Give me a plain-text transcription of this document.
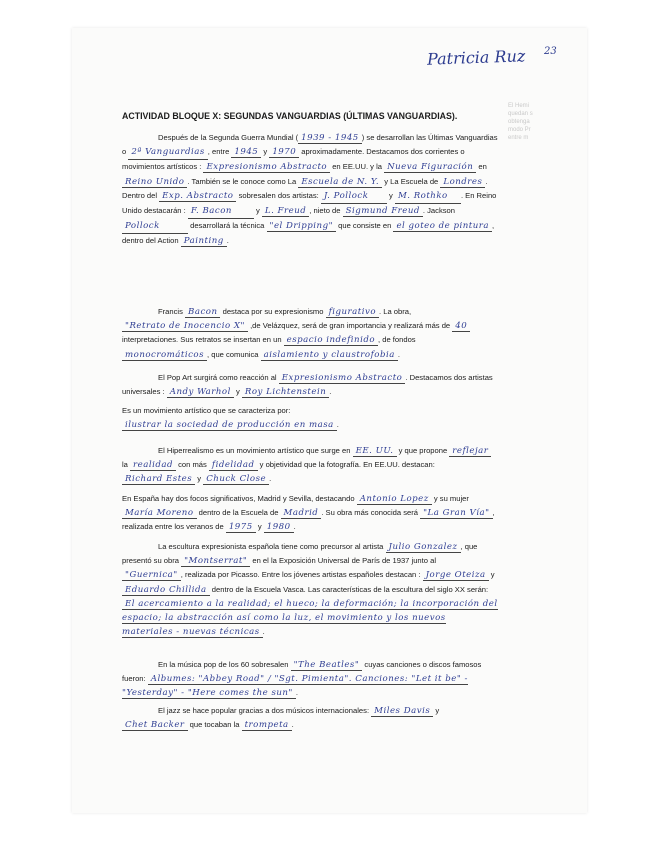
El Hemi
quedan s
obtenga
modo Pr
entre m
Patricia Ruz 23
ACTIVIDAD BLOQUE X: SEGUNDAS VANGUARDIAS (ÚLTIMAS VANGUARDIAS).
Después de la Segunda Guerra Mundial ( 1939 - 1945 ) se desarrollan las Últimas Vanguardias o 2ª Vanguardias , entre 1945 y 1970 aproximadamente. Destacamos dos corrientes o movimientos artísticos : Expresionismo Abstracto en EE.UU. y la Nueva Figuración en Reino Unido . También se le conoce como La Escuela de N. Y. y La Escuela de Londres . Dentro del Exp. Abstracto sobresalen dos artistas: J. Pollock y M. Rothko . En Reino Unido destacarán : F. Bacon	y L. Freud , nieto de Sigmund Freud . Jackson Pollock	desarrollará la técnica "el Dripping" que consiste en el goteo de pintura , dentro del Action Painting .
Francis Bacon destaca por su expresionismo figurativo . La obra, "Retrato de Inocencio X" ,de Velázquez, será de gran importancia y realizará más de 40 interpretaciones. Sus retratos se insertan en un espacio indefinido , de fondos monocromáticos , que comunica aislamiento y claustrofobia .
El Pop Art surgirá como reacción al Expresionismo Abstracto . Destacamos dos artistas universales : Andy Warhol y Roy Lichtenstein .
Es un movimiento artístico que se caracteriza por: ilustrar la sociedad de producción en masa .
El Hiperrealismo es un movimiento artístico que surge en EE. UU. y que propone reflejar la realidad con más fidelidad y objetividad que la fotografía. En EE.UU. destacan: Richard Estes y Chuck Close .
En España hay dos focos significativos, Madrid y Sevilla, destacando Antonio Lopez y su mujer María Moreno dentro de la Escuela de Madrid . Su obra más conocida será "La Gran Vía" , realizada entre los veranos de 1975 y 1980 .
La escultura expresionista española tiene como precursor al artista Julio Gonzalez , que presentó su obra "Montserrat" en el la Exposición Universal de París de 1937 junto al "Guernica" , realizada por Picasso. Entre los jóvenes artistas españoles destacan : Jorge Oteiza y Eduardo Chillida dentro de la Escuela Vasca. Las características de la escultura del siglo XX serán: El acercamiento a la realidad; el hueco; la deformación; la incorporación del espacio; la abstracción así como la luz, el movimiento y los nuevos materiales - nuevas técnicas .
En la música pop de los 60 sobresalen "The Beatles" cuyas canciones o discos famosos fueron: Albumes: "Abbey Road" / "Sgt. Pimienta". Canciones: "Let it be" - "Yesterday" - "Here comes the sun" .
El jazz se hace popular gracias a dos músicos internacionales: Miles Davis y Chet Backer que tocaban la trompeta .
